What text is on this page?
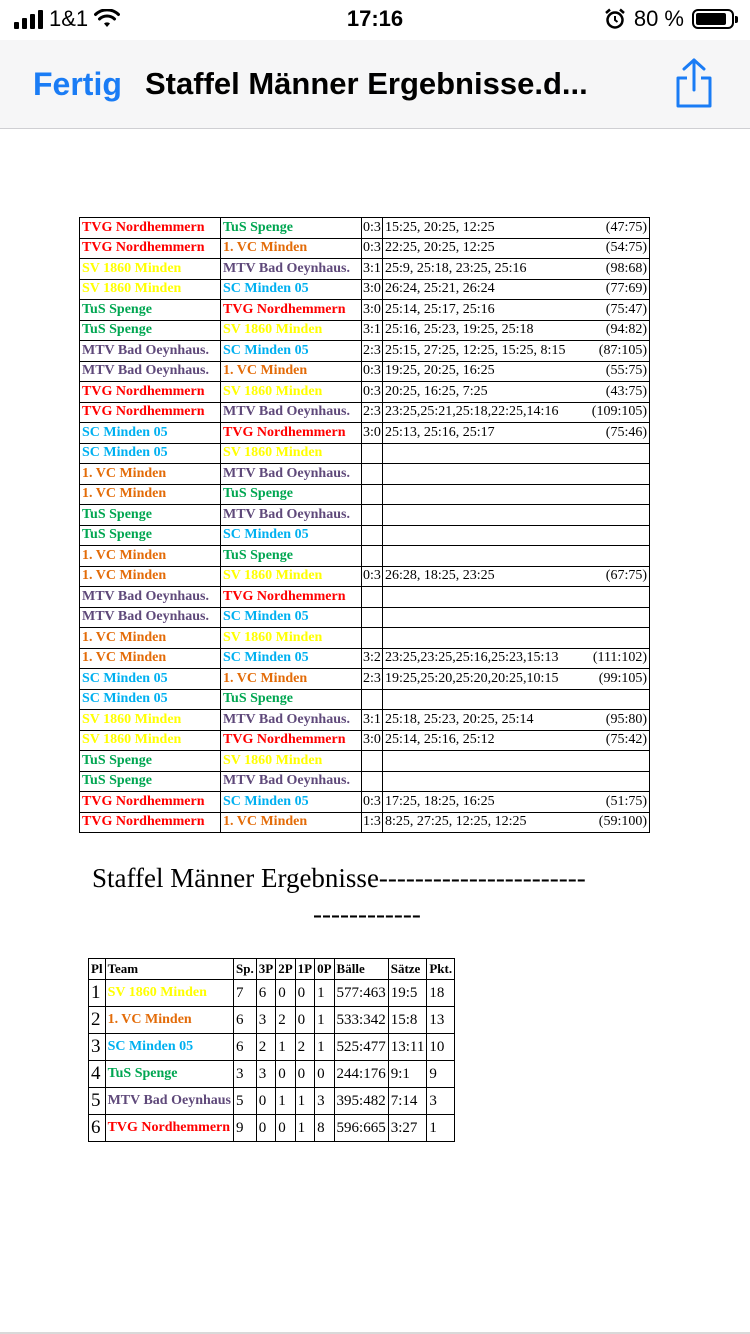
1&1	17:16	80 %
Fertig Staffel Männer Ergebnisse.d...
TVG Nordhemmern	TuS Spenge	0:3	15:25, 20:25, 12:25 (47:75)

TVG Nordhemmern	1. VC Minden	0:3	22:25, 20:25, 12:25 (54:75)

SV 1860 Minden	MTV Bad Oeynhaus.	3:1	25:9, 25:18, 23:25, 25:16 (98:68)

SV 1860 Minden	SC Minden 05	3:0	26:24, 25:21, 26:24 (77:69)

TuS Spenge	TVG Nordhemmern	3:0	25:14, 25:17, 25:16 (75:47)

TuS Spenge	SV 1860 Minden	3:1	25:16, 25:23, 19:25, 25:18 (94:82)

MTV Bad Oeynhaus.	SC Minden 05	2:3	25:15, 27:25, 12:25, 15:25, 8:15 (87:105)

MTV Bad Oeynhaus.	1. VC Minden	0:3	19:25, 20:25, 16:25 (55:75)

TVG Nordhemmern	SV 1860 Minden	0:3	20:25, 16:25, 7:25 (43:75)

TVG Nordhemmern	MTV Bad Oeynhaus.	2:3	23:25,25:21,25:18,22:25,14:16 (109:105)

SC Minden 05	TVG Nordhemmern	3:0	25:13, 25:16, 25:17 (75:46)

SC Minden 05	SV 1860 Minden		

1. VC Minden	MTV Bad Oeynhaus.		

1. VC Minden	TuS Spenge		

TuS Spenge	MTV Bad Oeynhaus.		

TuS Spenge	SC Minden 05		

1. VC Minden	TuS Spenge		

1. VC Minden	SV 1860 Minden	0:3	26:28, 18:25, 23:25 (67:75)

MTV Bad Oeynhaus.	TVG Nordhemmern		

MTV Bad Oeynhaus.	SC Minden 05		

1. VC Minden	SV 1860 Minden		

1. VC Minden	SC Minden 05	3:2	23:25,23:25,25:16,25:23,15:13 (111:102)

SC Minden 05	1. VC Minden	2:3	19:25,25:20,25:20,20:25,10:15 (99:105)

SC Minden 05	TuS Spenge		

SV 1860 Minden	MTV Bad Oeynhaus.	3:1	25:18, 25:23, 20:25, 25:14 (95:80)

SV 1860 Minden	TVG Nordhemmern	3:0	25:14, 25:16, 25:12 (75:42)

TuS Spenge	SV 1860 Minden		

TuS Spenge	MTV Bad Oeynhaus.		

TVG Nordhemmern	SC Minden 05	0:3	17:25, 18:25, 16:25 (51:75)

TVG Nordhemmern	1. VC Minden	1:3	8:25, 27:25, 12:25, 12:25 (59:100)
Staffel Männer Ergebnisse-----------------------
------------
Pl	Team	Sp.	3P	2P	1P	0P	Bälle	Sätze	Pkt.
1	SV 1860 Minden	7	6	0	0	1	577:463	19:5	18
2	1. VC Minden	6	3	2	0	1	533:342	15:8	13
3	SC Minden 05	6	2	1	2	1	525:477	13:11	10
4	TuS Spenge	3	3	0	0	0	244:176	9:1	9
5	MTV Bad Oeynhaus	5	0	1	1	3	395:482	7:14	3
6	TVG Nordhemmern	9	0	0	1	8	596:665	3:27	1
